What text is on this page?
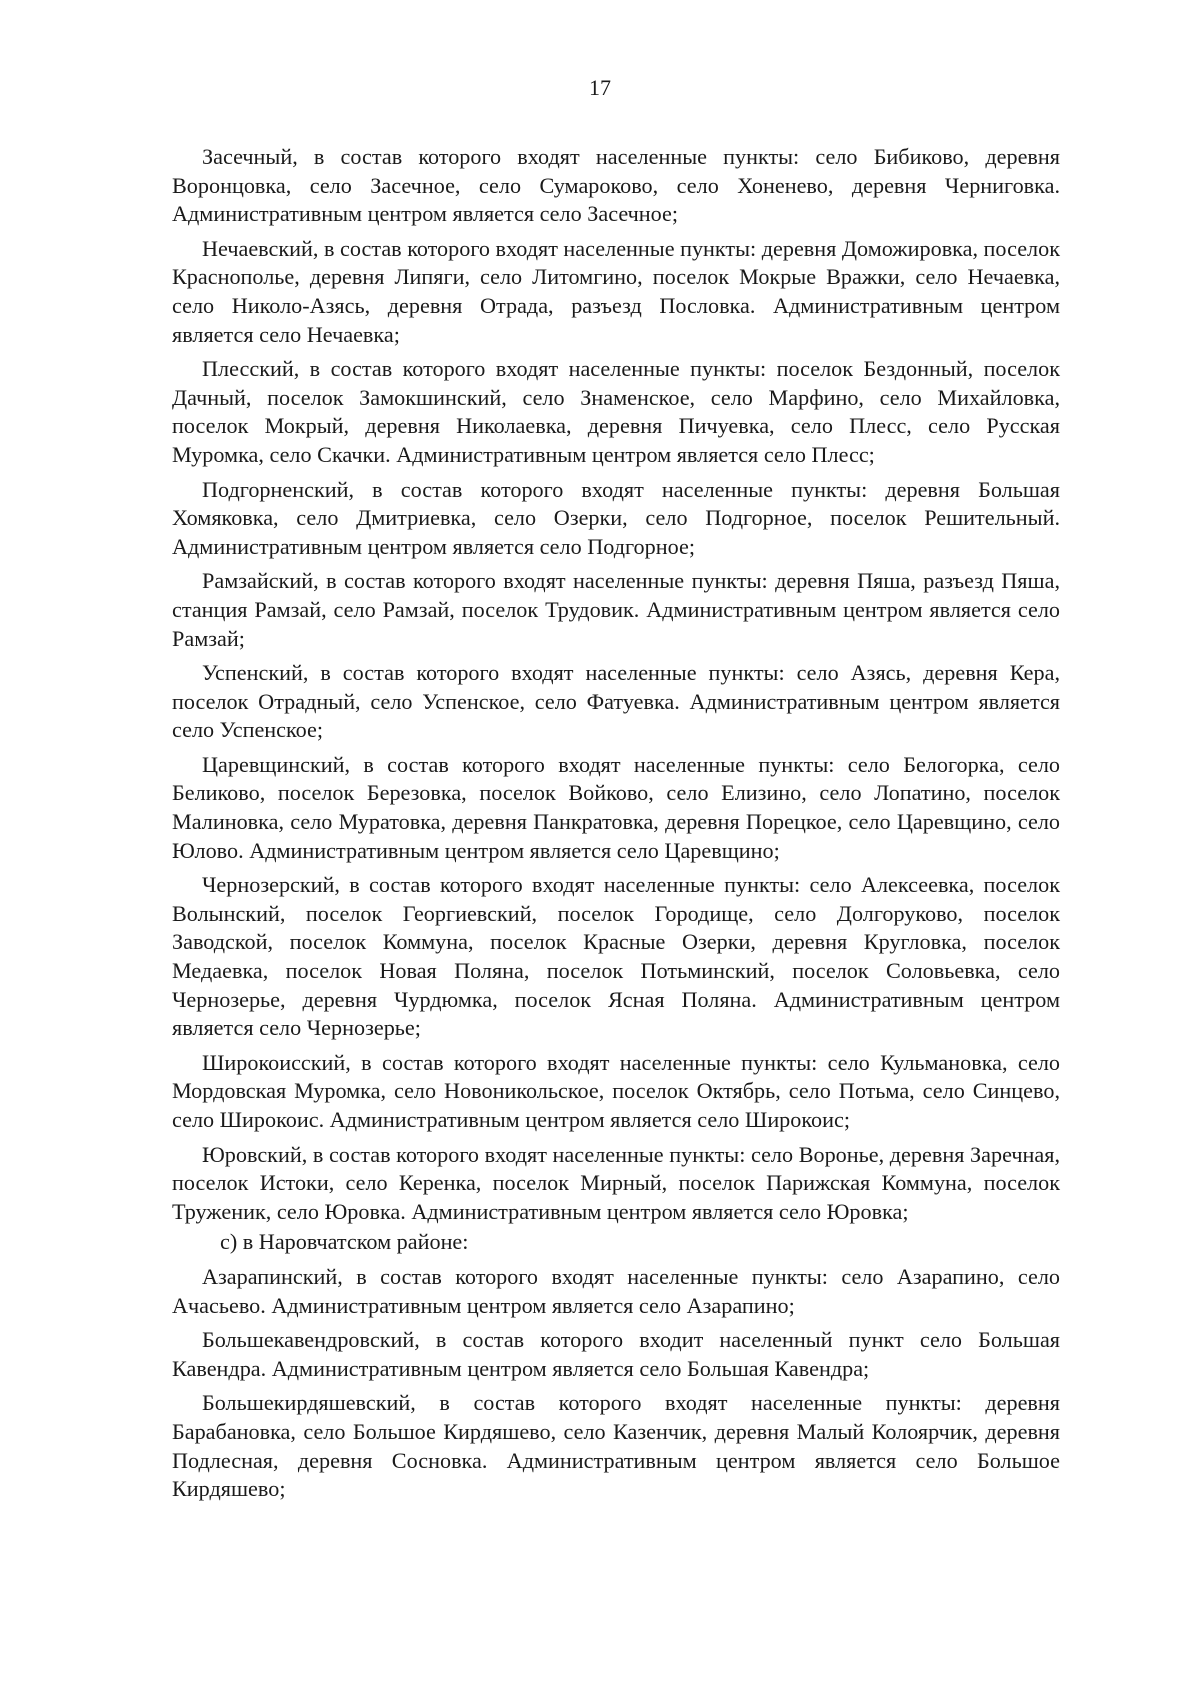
17

Засечный, в состав которого входят населенные пункты: село Бибиково, деревня Воронцовка, село Засечное, село Сумароково, село Хоненево, деревня Черниговка. Административным центром является село Засечное;

Нечаевский, в состав которого входят населенные пункты: деревня Доможировка, поселок Краснополье, деревня Липяги, село Литомгино, поселок Мокрые Вражки, село Нечаевка, село Николо-Азясь, деревня Отрада, разъезд Пословка. Административным центром является село Нечаевка;

Плесский, в состав которого входят населенные пункты: поселок Бездонный, поселок Дачный, поселок Замокшинский, село Знаменское, село Марфино, село Михайловка, поселок Мокрый, деревня Николаевка, деревня Пичуевка, село Плесс, село Русская Муромка, село Скачки. Административным центром является село Плесс;

Подгорненский, в состав которого входят населенные пункты: деревня Большая Хомяковка, село Дмитриевка, село Озерки, село Подгорное, поселок Решительный. Административным центром является село Подгорное;

Рамзайский, в состав которого входят населенные пункты: деревня Пяша, разъезд Пяша, станция Рамзай, село Рамзай, поселок Трудовик. Административным центром является село Рамзай;

Успенский, в состав которого входят населенные пункты: село Азясь, деревня Кера, поселок Отрадный, село Успенское, село Фатуевка. Административным центром является село Успенское;

Царевщинский, в состав которого входят населенные пункты: село Белогорка, село Беликово, поселок Березовка, поселок Войково, село Елизино, село Лопатино, поселок Малиновка, село Муратовка, деревня Панкратовка, деревня Порецкое, село Царевщино, село Юлово. Административным центром является село Царевщино;

Чернозерский, в состав которого входят населенные пункты: село Алексеевка, поселок Волынский, поселок Георгиевский, поселок Городище, село Долгоруково, поселок Заводской, поселок Коммуна, поселок Красные Озерки, деревня Кругловка, поселок Медаевка, поселок Новая Поляна, поселок Потьминский, поселок Соловьевка, село Чернозерье, деревня Чурдюмка, поселок Ясная Поляна. Административным центром является село Чернозерье;

Широкоисский, в состав которого входят населенные пункты: село Кульмановка, село Мордовская Муромка, село Новоникольское, поселок Октябрь, село Потьма, село Синцево, село Широкоис. Административным центром является село Широкоис;

Юровский, в состав которого входят населенные пункты: село Воронье, деревня Заречная, поселок Истоки, село Керенка, поселок Мирный, поселок Парижская Коммуна, поселок Труженик, село Юровка. Административным центром является село Юровка;

с) в Наровчатском районе:

Азарапинский, в состав которого входят населенные пункты: село Азарапино, село Ачасьево. Административным центром является село Азарапино;

Большекавендровский, в состав которого входит населенный пункт село Большая Кавендра. Административным центром является село Большая Кавендра;

Большекирдяшевский, в состав которого входят населенные пункты: деревня Барабановка, село Большое Кирдяшево, село Казенчик, деревня Малый Колоярчик, деревня Подлесная, деревня Сосновка. Административным центром является село Большое Кирдяшево;
